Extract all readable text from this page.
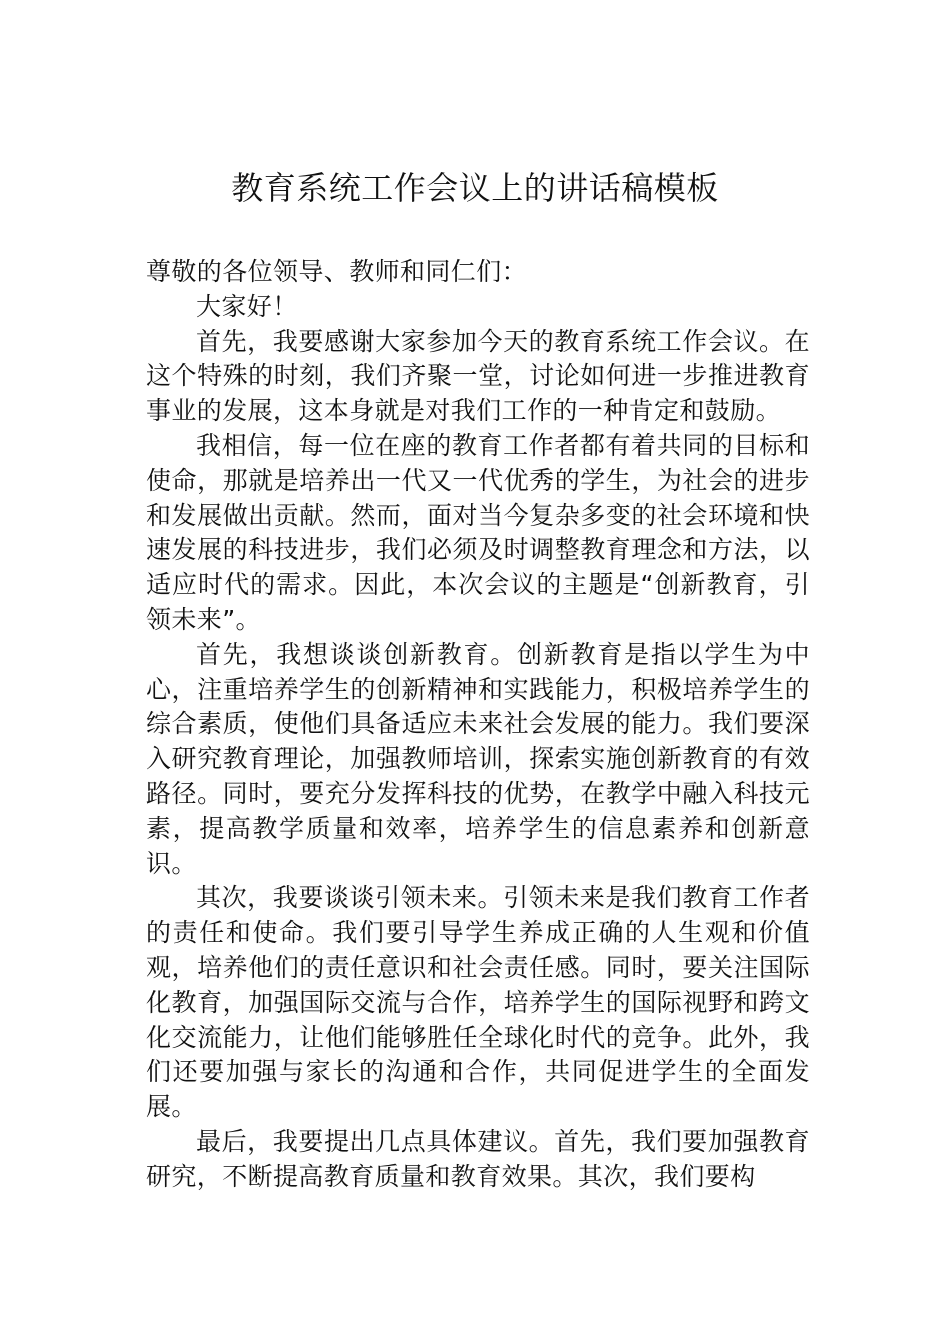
教育系统工作会议上的讲话稿模板

尊敬的各位领导、教师和同仁们：

大家好！

首先，我要感谢大家参加今天的教育系统工作会议。在这个特殊的时刻，我们齐聚一堂，讨论如何进一步推进教育事业的发展，这本身就是对我们工作的一种肯定和鼓励。

我相信，每一位在座的教育工作者都有着共同的目标和使命，那就是培养出一代又一代优秀的学生，为社会的进步和发展做出贡献。然而，面对当今复杂多变的社会环境和快速发展的科技进步，我们必须及时调整教育理念和方法，以适应时代的需求。因此，本次会议的主题是“创新教育，引领未来”。

首先，我想谈谈创新教育。创新教育是指以学生为中心，注重培养学生的创新精神和实践能力，积极培养学生的综合素质，使他们具备适应未来社会发展的能力。我们要深入研究教育理论，加强教师培训，探索实施创新教育的有效路径。同时，要充分发挥科技的优势，在教学中融入科技元素，提高教学质量和效率，培养学生的信息素养和创新意识。

其次，我要谈谈引领未来。引领未来是我们教育工作者的责任和使命。我们要引导学生养成正确的人生观和价值观，培养他们的责任意识和社会责任感。同时，要关注国际化教育，加强国际交流与合作，培养学生的国际视野和跨文化交流能力，让他们能够胜任全球化时代的竞争。此外，我们还要加强与家长的沟通和合作，共同促进学生的全面发展。

最后，我要提出几点具体建议。首先，我们要加强教育研究，不断提高教育质量和教育效果。其次，我们要构
